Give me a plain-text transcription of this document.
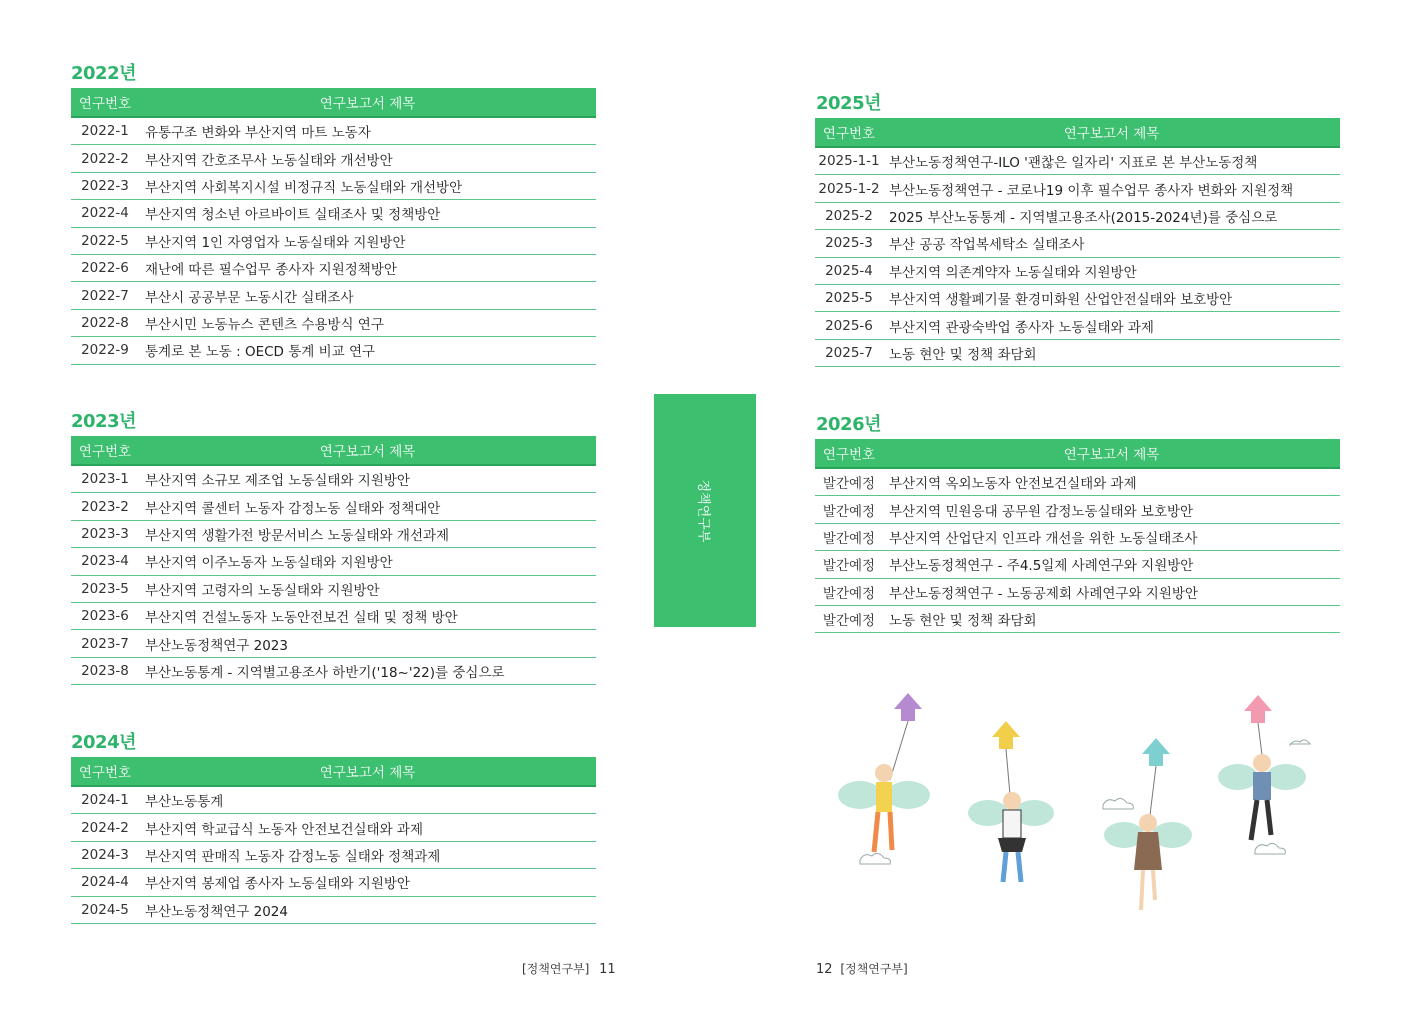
2022년
연구번호	연구보고서 제목
2022-1	유통구조 변화와 부산지역 마트 노동자
2022-2	부산지역 간호조무사 노동실태와 개선방안
2022-3	부산지역 사회복지시설 비정규직 노동실태와 개선방안
2022-4	부산지역 청소년 아르바이트 실태조사 및 정책방안
2022-5	부산지역 1인 자영업자 노동실태와 지원방안
2022-6	재난에 따른 필수업무 종사자 지원정책방안
2022-7	부산시 공공부문 노동시간 실태조사
2022-8	부산시민 노동뉴스 콘텐츠 수용방식 연구
2022-9	통계로 본 노동 : OECD 통계 비교 연구
2023년
연구번호	연구보고서 제목
2023-1	부산지역 소규모 제조업 노동실태와 지원방안
2023-2	부산지역 콜센터 노동자 감정노동 실태와 정책대안
2023-3	부산지역 생활가전 방문서비스 노동실태와 개선과제
2023-4	부산지역 이주노동자 노동실태와 지원방안
2023-5	부산지역 고령자의 노동실태와 지원방안
2023-6	부산지역 건설노동자 노동안전보건 실태 및 정책 방안
2023-7	부산노동정책연구 2023
2023-8	부산노동통계 - 지역별고용조사 하반기('18~'22)를 중심으로
2024년
연구번호	연구보고서 제목
2024-1	부산노동통계
2024-2	부산지역 학교급식 노동자 안전보건실태와 과제
2024-3	부산지역 판매직 노동자 감정노동 실태와 정책과제
2024-4	부산지역 봉제업 종사자 노동실태와 지원방안
2024-5	부산노동정책연구 2024
정책연구부
2025년
연구번호	연구보고서 제목
2025-1-1	부산노동정책연구-ILO '괜찮은 일자리' 지표로 본 부산노동정책
2025-1-2	부산노동정책연구 - 코로나19 이후 필수업무 종사자 변화와 지원정책
2025-2	2025 부산노동통계 - 지역별고용조사(2015-2024년)를 중심으로
2025-3	부산 공공 작업복세탁소 실태조사
2025-4	부산지역 의존계약자 노동실태와 지원방안
2025-5	부산지역 생활폐기물 환경미화원 산업안전실태와 보호방안
2025-6	부산지역 관광숙박업 종사자 노동실태와 과제
2025-7	노동 현안 및 정책 좌담회
2026년
연구번호	연구보고서 제목
발간예정	부산지역 옥외노동자 안전보건실태와 과제
발간예정	부산지역 민원응대 공무원 감정노동실태와 보호방안
발간예정	부산지역 산업단지 인프라 개선을 위한 노동실태조사
발간예정	부산노동정책연구 - 주4.5일제 사례연구와 지원방안
발간예정	부산노동정책연구 - 노동공제회 사례연구와 지원방안
발간예정	노동 현안 및 정책 좌담회
[정책연구부] 11	12 [정책연구부]
